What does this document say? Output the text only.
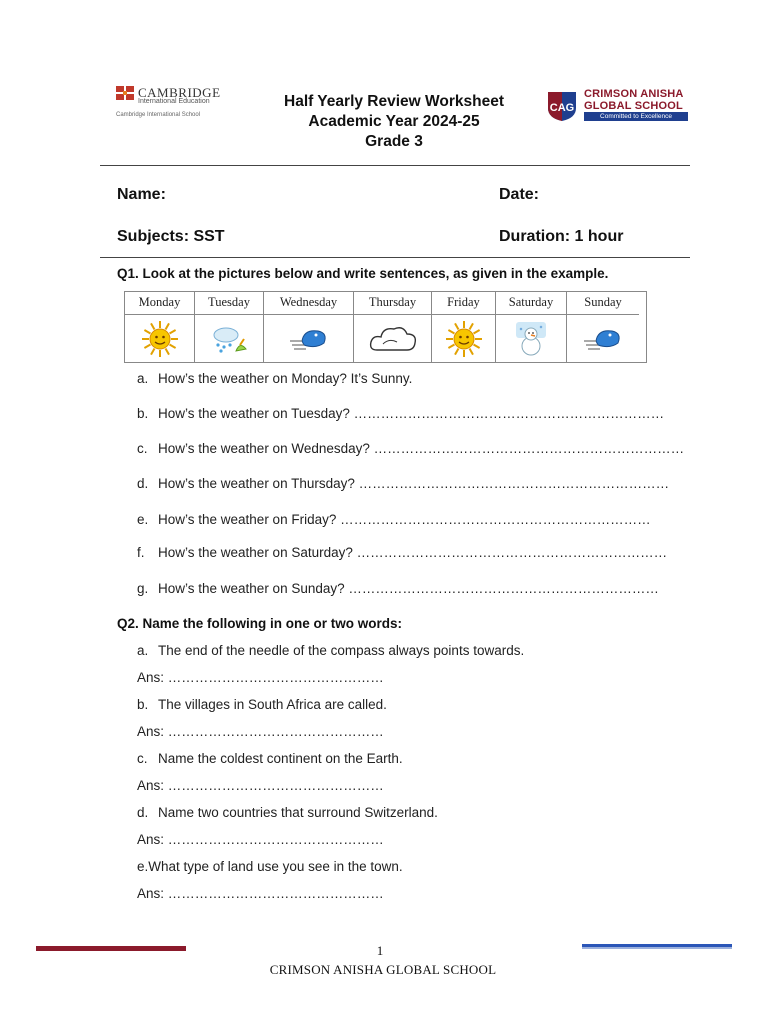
CAMBRIDGE
International Education
Cambridge International School
Half Yearly Review Worksheet
Academic Year 2024-25
Grade 3
CAG
CRIMSON ANISHA
GLOBAL SCHOOL
Committed to Excellence
Name:	Date:
Subjects: SST	Duration: 1 hour
Q1. Look at the pictures below and write sentences, as given in the example.
Monday	Tuesday	Wednesday	Thursday	Friday	Saturday	Sunday
a. How’s the weather on Monday? It’s Sunny.
b. How’s the weather on Tuesday? ……………………………………………………………
c. How’s the weather on Wednesday? ……………………………………………………………
d. How’s the weather on Thursday? ……………………………………………………………
e. How’s the weather on Friday? ……………………………………………………………
f. How’s the weather on Saturday? ……………………………………………………………
g. How’s the weather on Sunday? ……………………………………………………………
Q2. Name the following in one or two words:
a. The end of the needle of the compass always points towards.
Ans: …………………………………………
b. The villages in South Africa are called.
Ans: …………………………………………
c. Name the coldest continent on the Earth.
Ans: …………………………………………
d. Name two countries that surround Switzerland.
Ans: …………………………………………
e.What type of land use you see in the town.
Ans: …………………………………………
1
CRIMSON ANISHA GLOBAL SCHOOL
